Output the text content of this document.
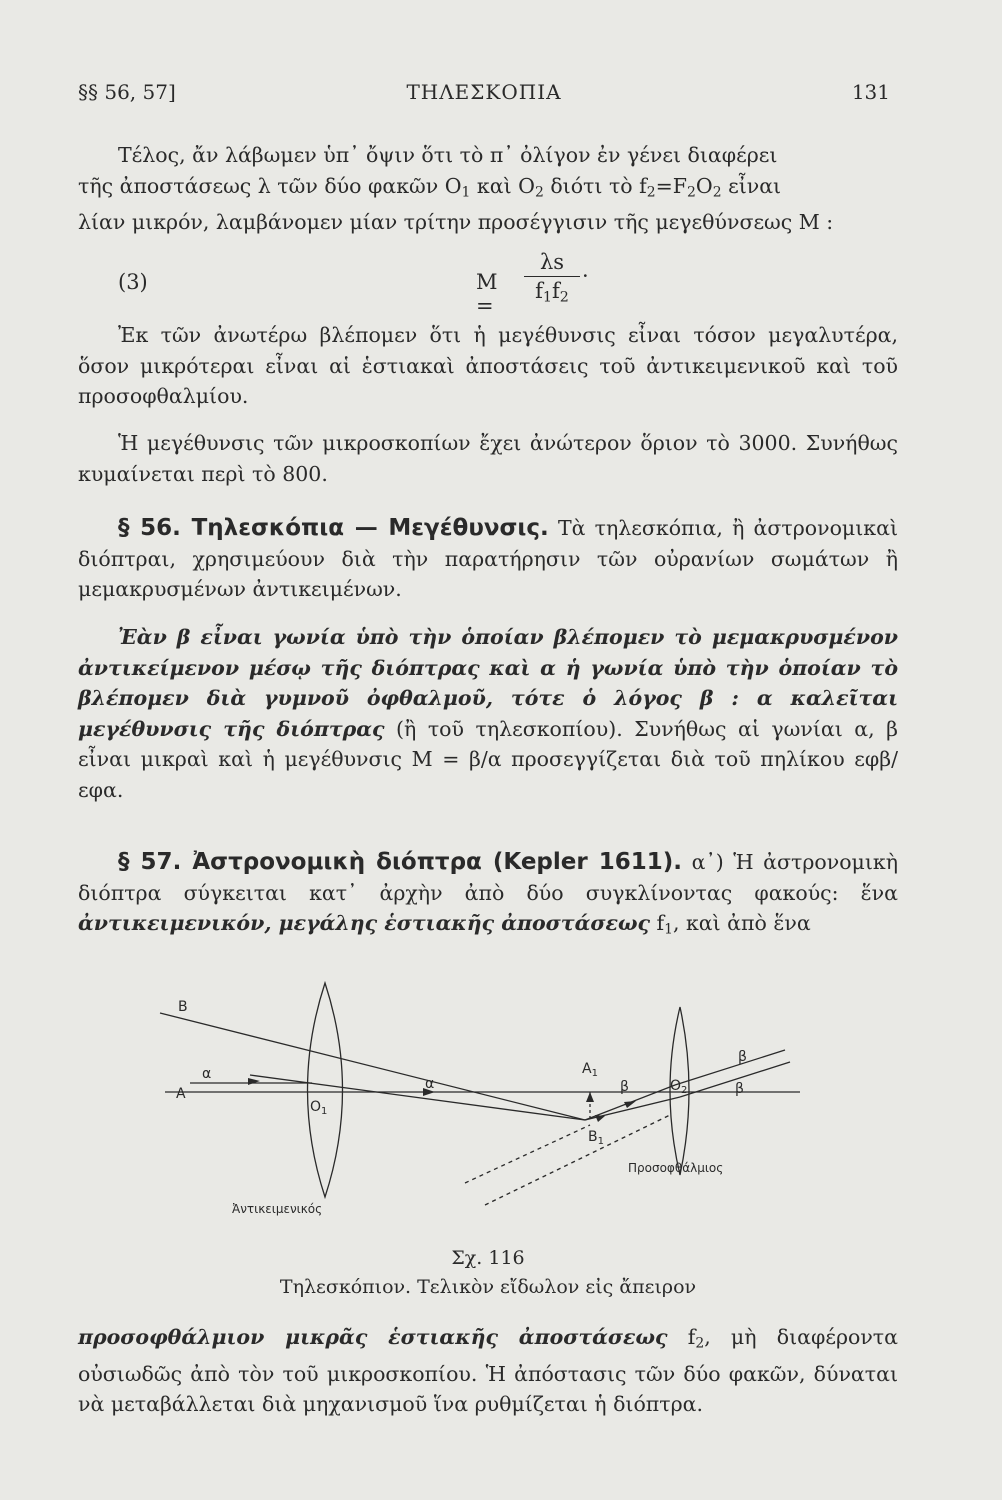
§§ 56, 57]	ΤΗΛΕΣΚΟΠΙΑ	131

Τέλος, ἄν λάβωμεν ὑπ᾽ ὄψιν ὅτι τὸ π᾽ ὀλίγον ἐν γένει διαφέρει
τῆς ἀποστάσεως λ τῶν δύο φακῶν $O_1$ καὶ $O_2$ διότι τὸ $f_2=F_2O_2$ εἶναι
λίαν μικρόν, λαμβάνομεν μίαν τρίτην προσέγγισιν τῆς μεγεθύνσεως M :

(3)	M =
λs
$f_1f_2$
·

Ἐκ τῶν ἀνωτέρω βλέπομεν ὅτι ἡ μεγέθυνσις εἶναι τόσον μεγαλυτέρα, ὅσον μικρότεραι εἶναι αἱ ἑστιακαὶ ἀποστάσεις τοῦ ἀντικειμενικοῦ καὶ τοῦ προσοφθαλμίου.

Ἡ μεγέθυνσις τῶν μικροσκοπίων ἔχει ἀνώτερον ὅριον τὸ 3000. Συνήθως κυμαίνεται περὶ τὸ 800.

§ 56. Τηλεσκόπια — Μεγέθυνσις. Τὰ τηλεσκόπια, ἢ ἀστρονομικαὶ διόπτραι, χρησιμεύουν διὰ τὴν παρατήρησιν τῶν οὐρανίων σωμάτων ἢ μεμακρυσμένων ἀντικειμένων.

Ἐὰν β εἶναι γωνία ὑπὸ τὴν ὁποίαν βλέπομεν τὸ μεμακρυσμένον ἀντικείμενον μέσῳ τῆς διόπτρας καὶ α ἡ γωνία ὑπὸ τὴν ὁποίαν τὸ βλέπομεν διὰ γυμνοῦ ὀφθαλμοῦ, τότε ὁ λόγος β : α καλεῖται μεγέθυνσις τῆς διόπτρας (ἢ τοῦ τηλεσκοπίου). Συνήθως αἱ γωνίαι α, β εἶναι μικραὶ καὶ ἡ μεγέθυνσις M = β/α προσεγγίζεται διὰ τοῦ πηλίκου εφβ/εφα.

§ 57. Ἀστρονομικὴ διόπτρα (Kepler 1611). α᾽) Ἡ ἀστρονομικὴ διόπτρα σύγκειται κατ᾽ ἀρχὴν ἀπὸ δύο συγκλίνοντας φακούς: ἕνα ἀντικειμενικόν, μεγάλης ἑστιακῆς ἀποστάσεως $f_1$, καὶ ἀπὸ ἕνα

B
A
α
α
$O_1$
$A_1$
$B_1$
β
β
β
$O_2$
Ἀντικειμενικός
Προσοφθάλμιος
Σχ. 116
Τηλεσκόπιον. Τελικὸν εἴδωλον εἰς ἄπειρον

προσοφθάλμιον μικρᾶς ἑστιακῆς ἀποστάσεως $f_2$, μὴ διαφέροντα οὐσιωδῶς ἀπὸ τὸν τοῦ μικροσκοπίου. Ἡ ἀπόστασις τῶν δύο φακῶν, δύναται νὰ μεταβάλλεται διὰ μηχανισμοῦ ἵνα ρυθμίζεται ἡ διόπτρα.
